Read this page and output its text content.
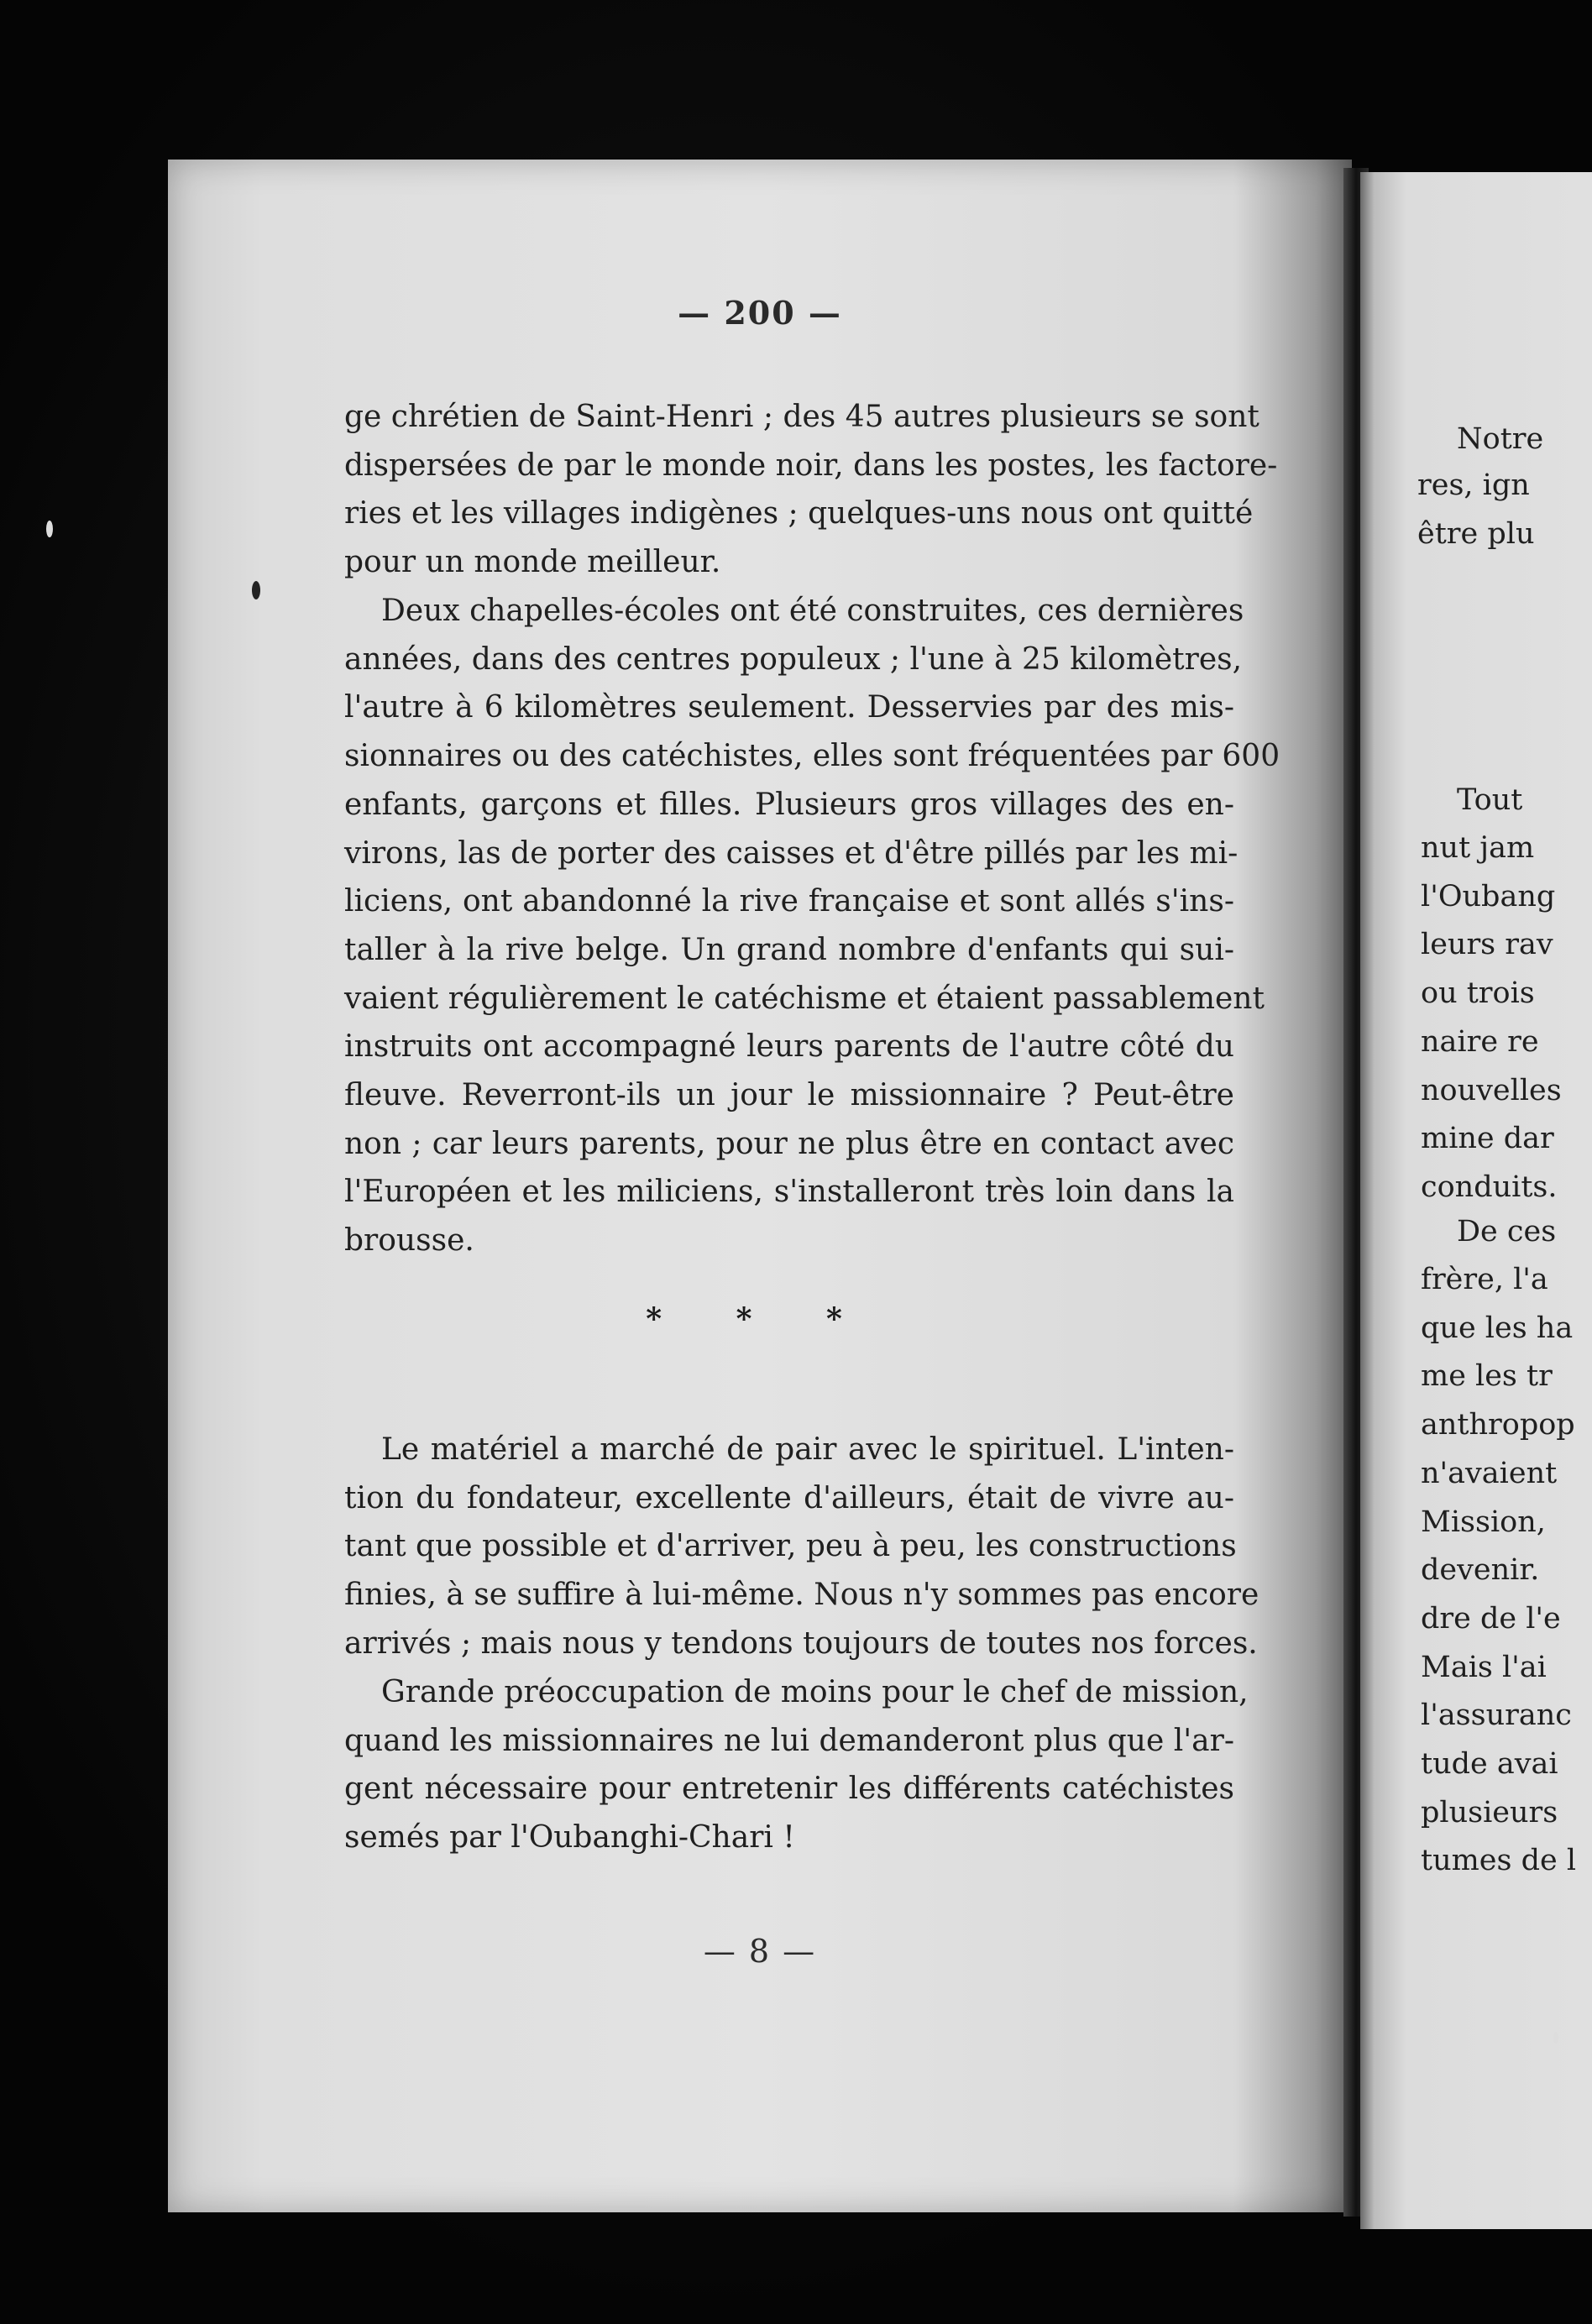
— 200 —
ge chrétien de Saint-Henri ; des 45 autres plusieurs se sont
dispersées de par le monde noir, dans les postes, les factore-
ries et les villages indigènes ; quelques-uns nous ont quitté
pour un monde meilleur.
Deux chapelles-écoles ont été construites, ces dernières
années, dans des centres populeux ; l'une à 25 kilomètres,
l'autre à 6 kilomètres seulement. Desservies par des mis-
sionnaires ou des catéchistes, elles sont fréquentées par 600
enfants, garçons et filles. Plusieurs gros villages des en-
virons, las de porter des caisses et d'être pillés par les mi-
liciens, ont abandonné la rive française et sont allés s'ins-
taller à la rive belge. Un grand nombre d'enfants qui sui-
vaient régulièrement le catéchisme et étaient passablement
instruits ont accompagné leurs parents de l'autre côté du
fleuve. Reverront-ils un jour le missionnaire ? Peut-être
non ; car leurs parents, pour ne plus être en contact avec
l'Européen et les miliciens, s'installeront très loin dans la
brousse.
* * *
Le matériel a marché de pair avec le spirituel. L'inten-
tion du fondateur, excellente d'ailleurs, était de vivre au-
tant que possible et d'arriver, peu à peu, les constructions
finies, à se suffire à lui-même. Nous n'y sommes pas encore
arrivés ; mais nous y tendons toujours de toutes nos forces.
Grande préoccupation de moins pour le chef de mission,
quand les missionnaires ne lui demanderont plus que l'ar-
gent nécessaire pour entretenir les différents catéchistes
semés par l'Oubanghi-Chari !
— 8 —
Notre
res, ign
être plu
Tout
nut jam
l'Oubang
leurs rav
ou trois
naire re
nouvelles
mine dar
conduits.
De ces
frère, l'a
que les ha
me les tr
anthropop
n'avaient
Mission,
devenir.
dre de l'e
Mais l'ai
l'assuranc
tude avai
plusieurs
tumes de l
